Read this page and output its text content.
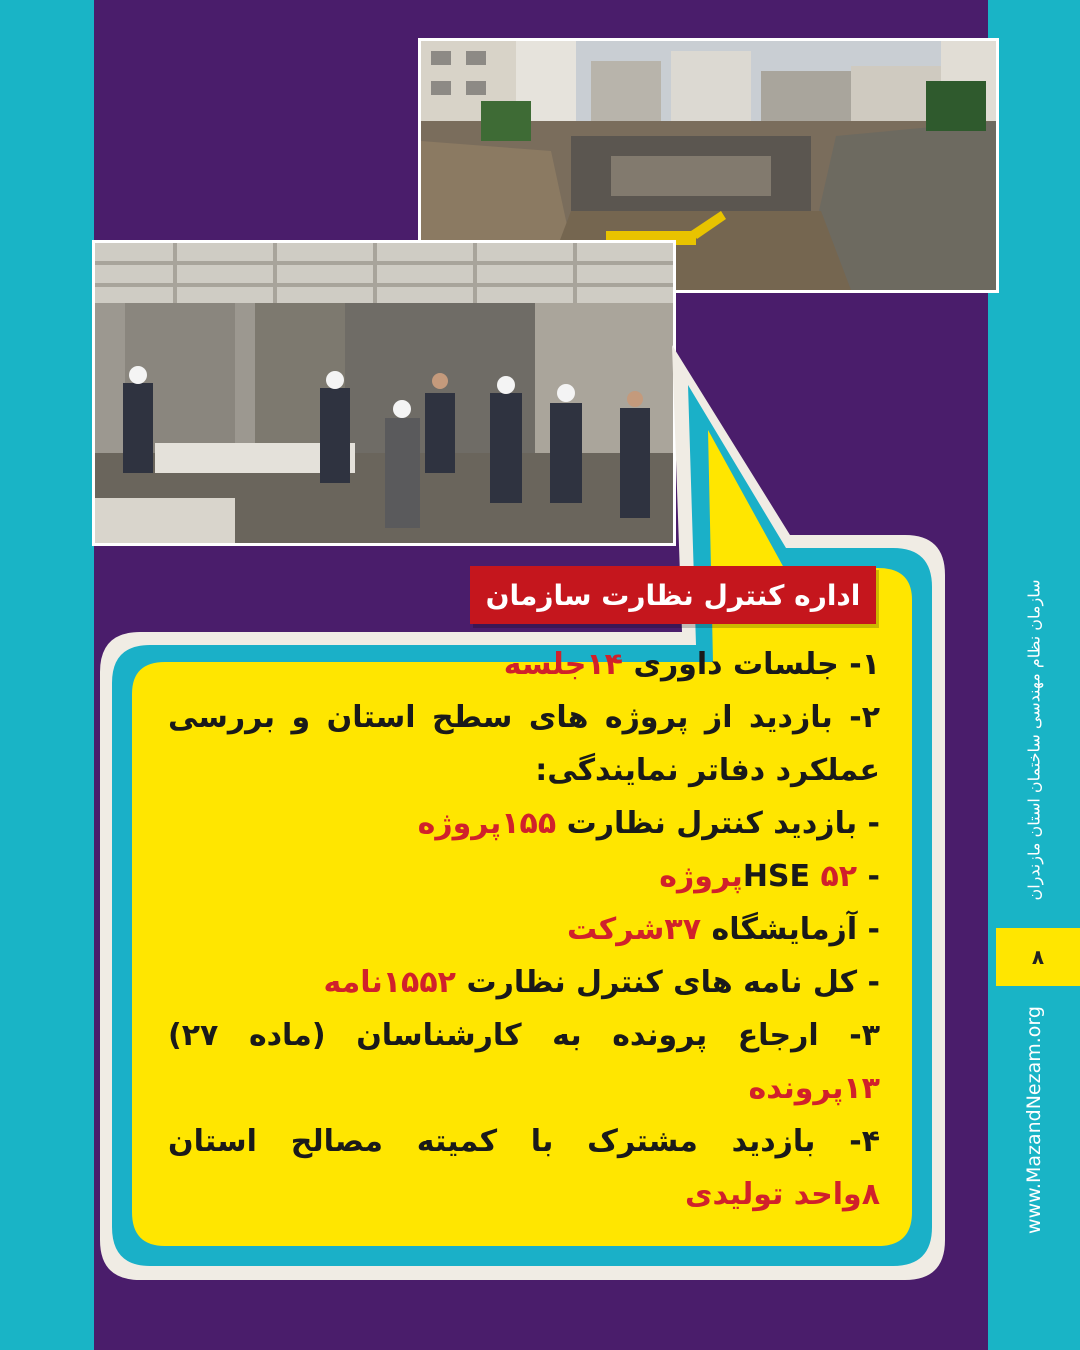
سازمان نظام مهندسی ساختمان استان مازندران
۸
www.MazandNezam.org
اداره کنترل نظارت سازمان
۱- جلسات داوری ۱۴جلسه
۲- بازدید از پروژه های سطح استان و بررسی
عملکرد دفاتر نمایندگی:
- بازدید کنترل نظارت ۱۵۵پروژه
- HSE ۵۲پروژه
- آزمایشگاه ۳۷شرکت
- کل نامه های کنترل نظارت ۱۵۵۲نامه
۳- ارجاع پرونده به کارشناسان (ماده ۲۷)
۱۳پرونده
۴- بازدید مشترک با کمیته مصالح استان
۸واحد تولیدی
